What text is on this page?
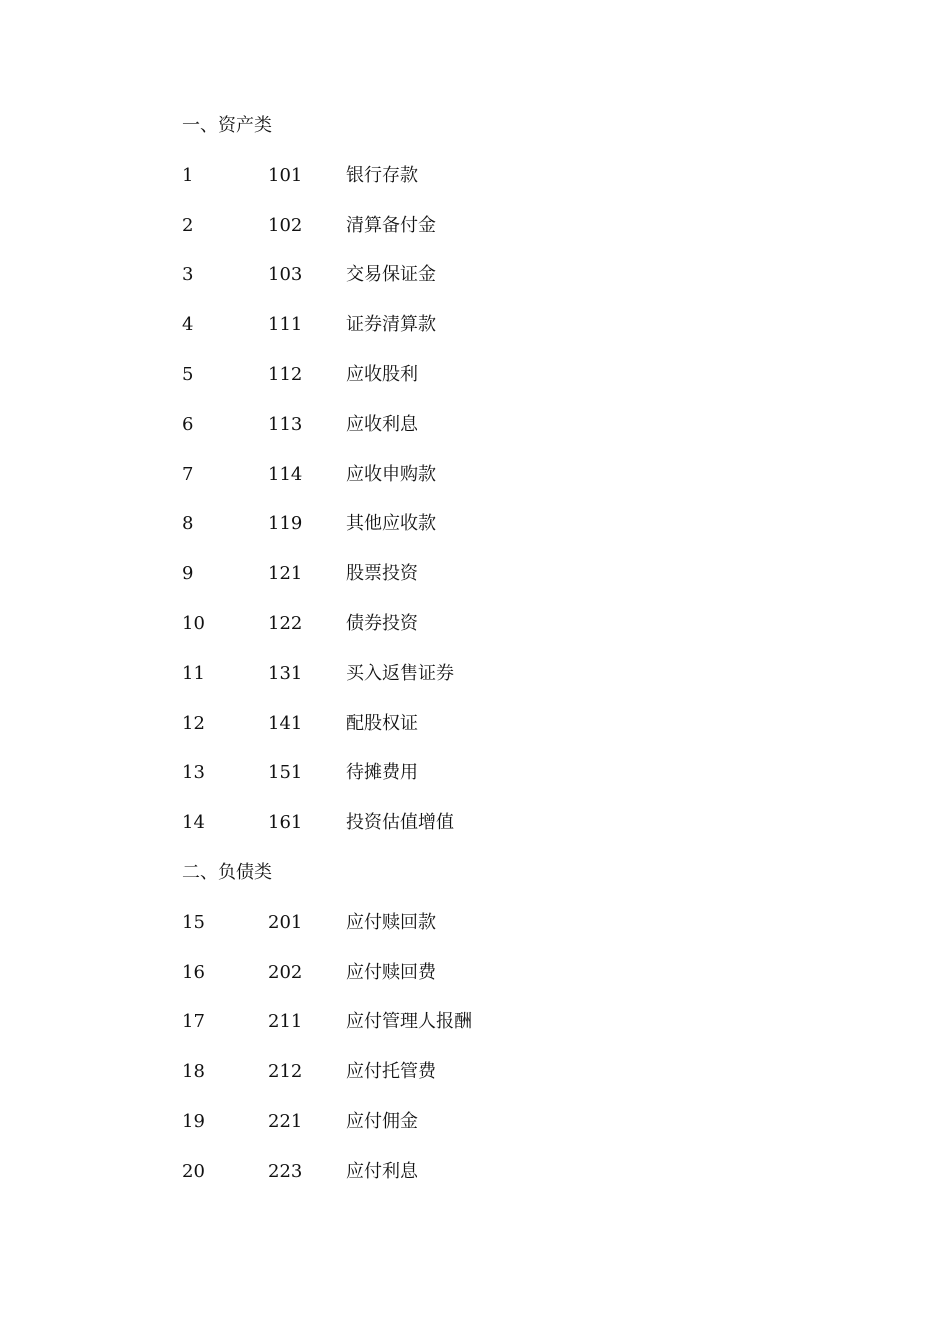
一、资产类
1	101 银行存款
2	102 清算备付金
3	103 交易保证金
4	111 证券清算款
5	112 应收股利
6	113 应收利息
7	114 应收申购款
8	119 其他应收款
9	121 股票投资
10	122 债券投资
11	131 买入返售证券
12	141 配股权证
13	151 待摊费用
14	161 投资估值增值
二、负债类
15	201 应付赎回款
16	202 应付赎回费
17	211 应付管理人报酬
18	212 应付托管费
19	221 应付佣金
20	223 应付利息
